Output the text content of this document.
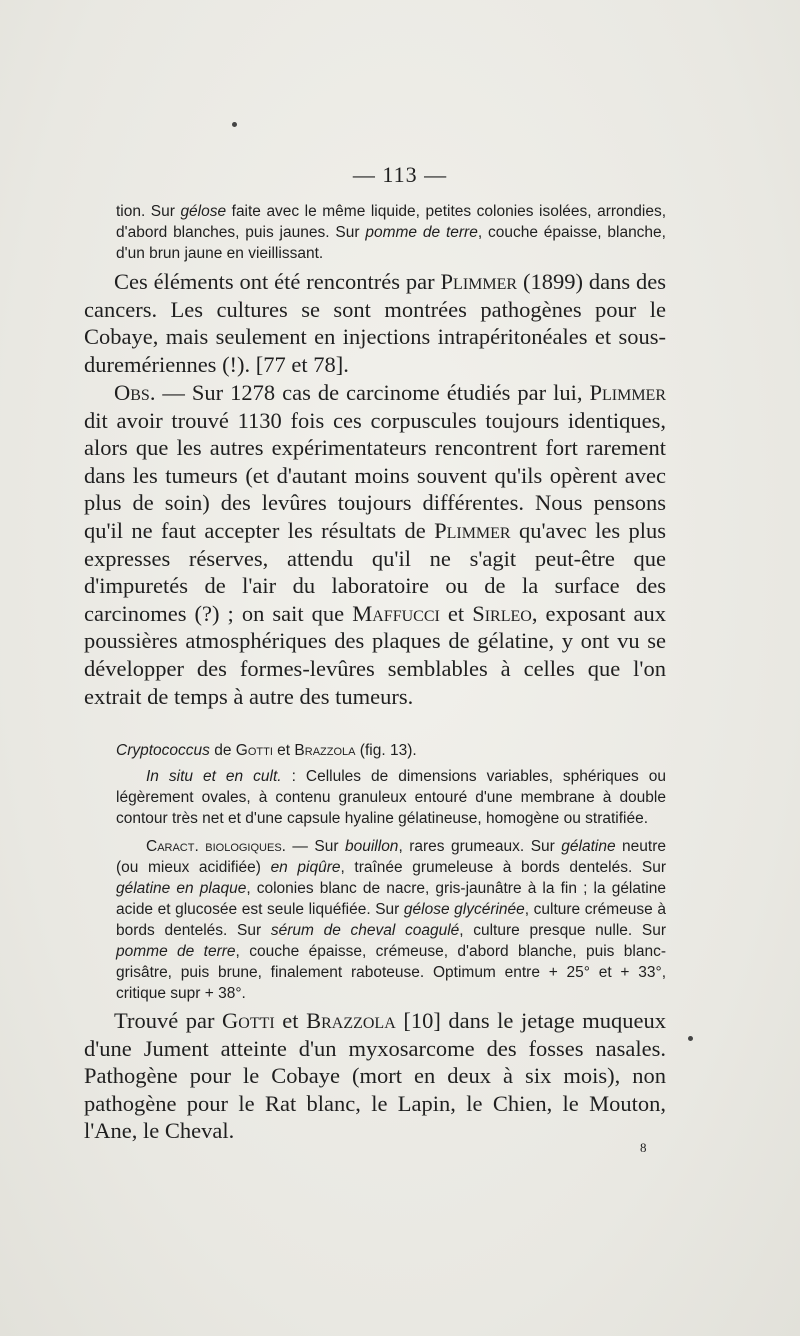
— 113 —

tion. Sur gélose faite avec le même liquide, petites colonies isolées, arrondies, d'abord blanches, puis jaunes. Sur pomme de terre, couche épaisse, blanche, d'un brun jaune en vieillissant.

Ces éléments ont été rencontrés par Plimmer (1899) dans des cancers. Les cultures se sont montrées pathogènes pour le Cobaye, mais seulement en injections intrapéritonéales et sous-duremériennes (!). [77 et 78].

Obs. — Sur 1278 cas de carcinome étudiés par lui, Plimmer dit avoir trouvé 1130 fois ces corpuscules toujours identiques, alors que les autres expérimentateurs rencontrent fort rarement dans les tumeurs (et d'autant moins souvent qu'ils opèrent avec plus de soin) des levûres toujours différentes. Nous pensons qu'il ne faut accepter les résultats de Plimmer qu'avec les plus expresses réserves, attendu qu'il ne s'agit peut-être que d'impuretés de l'air du laboratoire ou de la surface des carcinomes (?) ; on sait que Maffucci et Sirleo, exposant aux poussières atmosphériques des plaques de gélatine, y ont vu se développer des formes-levûres semblables à celles que l'on extrait de temps à autre des tumeurs.

Cryptococcus de Gotti et Brazzola (fig. 13).

In situ et en cult. : Cellules de dimensions variables, sphériques ou légèrement ovales, à contenu granuleux entouré d'une membrane à double contour très net et d'une capsule hyaline gélatineuse, homogène ou stratifiée.

Caract. biologiques. — Sur bouillon, rares grumeaux. Sur gélatine neutre (ou mieux acidifiée) en piqûre, traînée grumeleuse à bords dentelés. Sur gélatine en plaque, colonies blanc de nacre, gris-jaunâtre à la fin ; la gélatine acide et glucosée est seule liquéfiée. Sur gélose glycérinée, culture crémeuse à bords dentelés. Sur sérum de cheval coagulé, culture presque nulle. Sur pomme de terre, couche épaisse, crémeuse, d'abord blanche, puis blanc-grisâtre, puis brune, finalement raboteuse. Optimum entre + 25° et + 33°, critique supr + 38°.

Trouvé par Gotti et Brazzola [10] dans le jetage muqueux d'une Jument atteinte d'un myxosarcome des fosses nasales. Pathogène pour le Cobaye (mort en deux à six mois), non pathogène pour le Rat blanc, le Lapin, le Chien, le Mouton, l'Ane, le Cheval.

8
